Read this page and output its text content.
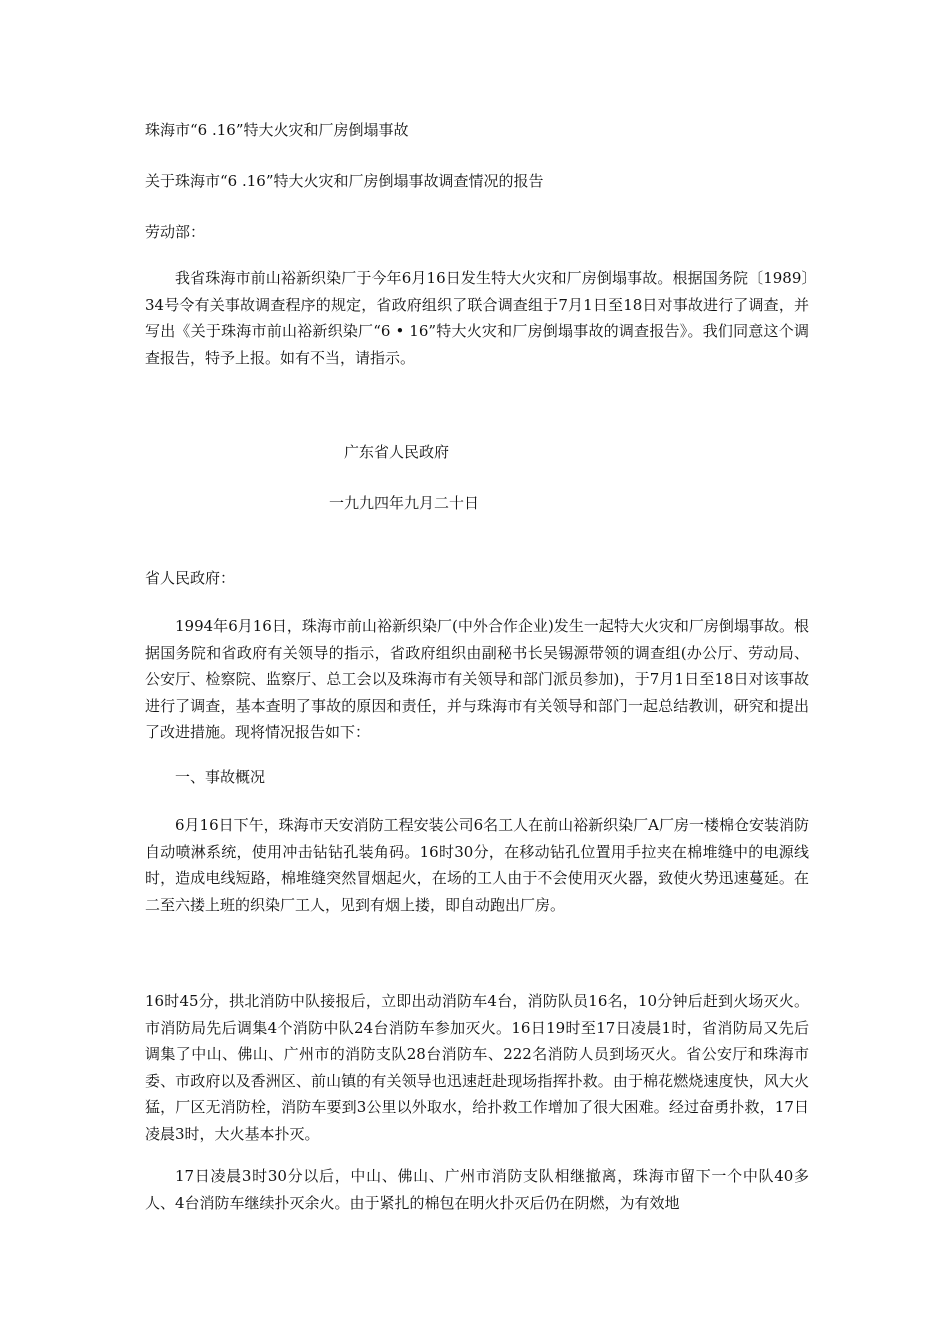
珠海市“6 .16”特大火灾和厂房倒塌事故
关于珠海市“6 .16”特大火灾和厂房倒塌事故调查情况的报告
劳动部：

我省珠海市前山裕新织染厂于今年6月16日发生特大火灾和厂房倒塌事故。根据国务院〔1989〕34号令有关事故调查程序的规定，省政府组织了联合调查组于7月1日至18日对事故进行了调查，并写出《关于珠海市前山裕新织染厂“6 • 16”特大火灾和厂房倒塌事故的调查报告》。我们同意这个调查报告，特予上报。如有不当，请指示。

广东省人民政府
一九九四年九月二十日
省人民政府：

1994年6月16日，珠海市前山裕新织染厂(中外合作企业)发生一起特大火灾和厂房倒塌事故。根据国务院和省政府有关领导的指示，省政府组织由副秘书长吴锡源带领的调查组(办公厅、劳动局、公安厅、检察院、监察厅、总工会以及珠海市有关领导和部门派员参加)，于7月1日至18日对该事故进行了调查，基本查明了事故的原因和责任，并与珠海市有关领导和部门一起总结教训，研究和提出了改进措施。现将情况报告如下：

一、事故概况

6月16日下午，珠海市天安消防工程安装公司6名工人在前山裕新织染厂A厂房一楼棉仓安装消防自动喷淋系统，使用冲击钻钻孔装角码。16时30分，在移动钻孔位置用手拉夹在棉堆缝中的电源线时，造成电线短路，棉堆缝突然冒烟起火，在场的工人由于不会使用灭火器，致使火势迅速蔓延。在二至六搂上班的织染厂工人，见到有烟上搂，即自动跑出厂房。

16时45分，拱北消防中队接报后，立即出动消防车4台，消防队员16名，10分钟后赶到火场灭火。市消防局先后调集4个消防中队24台消防车参加灭火。16日19时至17日凌晨1时，省消防局又先后调集了中山、佛山、广州市的消防支队28台消防车、222名消防人员到场灭火。省公安厅和珠海市委、市政府以及香洲区、前山镇的有关领导也迅速赶赴现场指挥扑救。由于棉花燃烧速度快，风大火猛，厂区无消防栓，消防车要到3公里以外取水，给扑救工作增加了很大困难。经过奋勇扑救，17日凌晨3时，大火基本扑灭。

17日凌晨3时30分以后，中山、佛山、广州市消防支队相继撤离，珠海市留下一个中队40多人、4台消防车继续扑灭余火。由于紧扎的棉包在明火扑灭后仍在阴燃，为有效地
